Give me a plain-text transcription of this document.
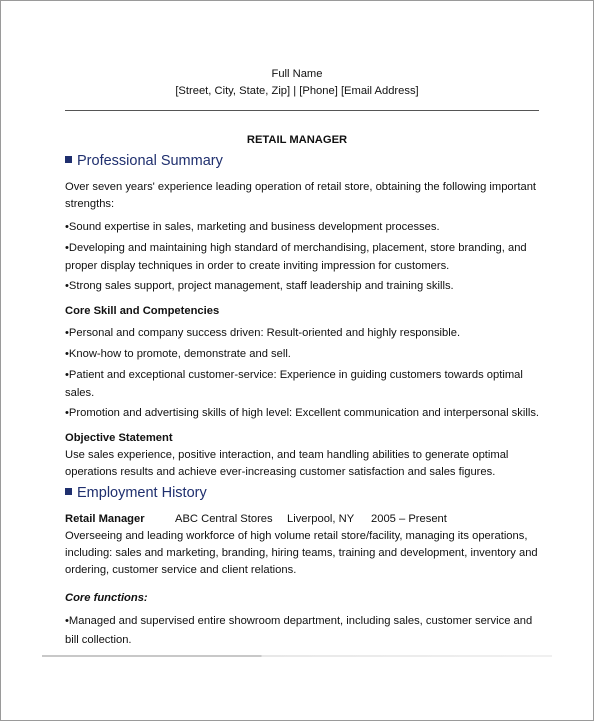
Full Name
[Street, City, State, Zip] | [Phone] [Email Address]
RETAIL MANAGER
Professional Summary
Over seven years' experience leading operation of retail store, obtaining the following important
strengths:
•Sound expertise in sales, marketing and business development processes.
•Developing and maintaining high standard of merchandising, placement, store branding, and
proper display techniques in order to create inviting impression for customers.
•Strong sales support, project management, staff leadership and training skills.
Core Skill and Competencies
•Personal and company success driven: Result-oriented and highly responsible.
•Know-how to promote, demonstrate and sell.
•Patient and exceptional customer-service: Experience in guiding customers towards optimal
sales.
•Promotion and advertising skills of high level: Excellent communication and interpersonal skills.
Objective Statement
Use sales experience, positive interaction, and team handling abilities to generate optimal
operations results and achieve ever-increasing customer satisfaction and sales figures.
Employment History
Retail Manager	ABC Central Stores Liverpool, NY 2005 – Present
Overseeing and leading workforce of high volume retail store/facility, managing its operations,
including: sales and marketing, branding, hiring teams, training and development, inventory and
ordering, customer service and client relations.
Core functions:
•Managed and supervised entire showroom department, including sales, customer service and
bill collection.
